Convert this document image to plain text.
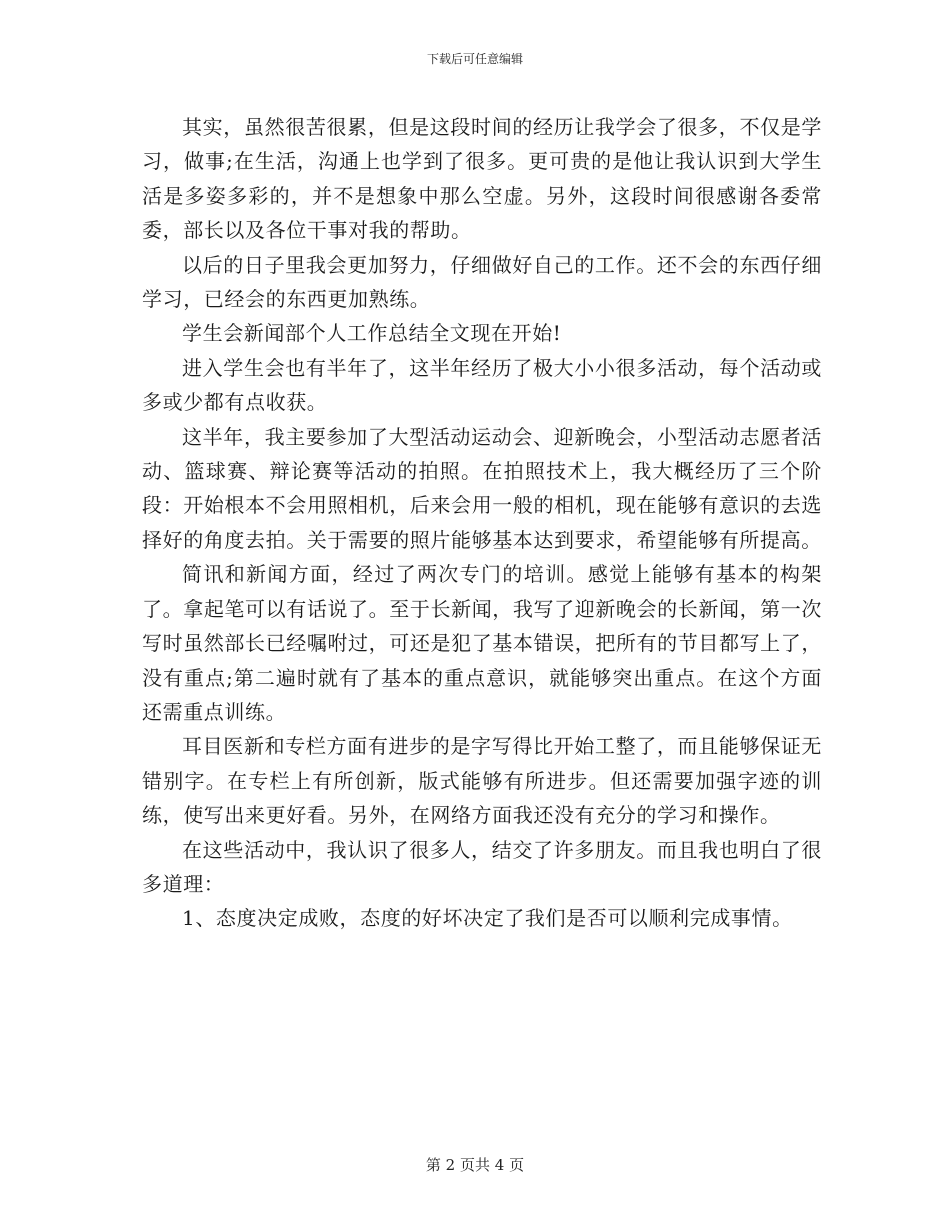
下载后可任意编辑

其实，虽然很苦很累，但是这段时间的经历让我学会了很多，不仅是学习，做事;在生活，沟通上也学到了很多。更可贵的是他让我认识到大学生活是多姿多彩的，并不是想象中那么空虚。另外，这段时间很感谢各委常委，部长以及各位干事对我的帮助。

以后的日子里我会更加努力，仔细做好自己的工作。还不会的东西仔细学习，已经会的东西更加熟练。

学生会新闻部个人工作总结全文现在开始!

进入学生会也有半年了，这半年经历了极大小小很多活动，每个活动或多或少都有点收获。

这半年，我主要参加了大型活动运动会、迎新晚会，小型活动志愿者活动、篮球赛、辩论赛等活动的拍照。在拍照技术上，我大概经历了三个阶段：开始根本不会用照相机，后来会用一般的相机，现在能够有意识的去选择好的角度去拍。关于需要的照片能够基本达到要求，希望能够有所提高。

简讯和新闻方面，经过了两次专门的培训。感觉上能够有基本的构架了。拿起笔可以有话说了。至于长新闻，我写了迎新晚会的长新闻，第一次写时虽然部长已经嘱咐过，可还是犯了基本错误，把所有的节目都写上了，没有重点;第二遍时就有了基本的重点意识，就能够突出重点。在这个方面还需重点训练。

耳目医新和专栏方面有进步的是字写得比开始工整了，而且能够保证无错别字。在专栏上有所创新，版式能够有所进步。但还需要加强字迹的训练，使写出来更好看。另外，在网络方面我还没有充分的学习和操作。

在这些活动中，我认识了很多人，结交了许多朋友。而且我也明白了很多道理：

1、态度决定成败，态度的好坏决定了我们是否可以顺利完成事情。

第 2 页共 4 页
